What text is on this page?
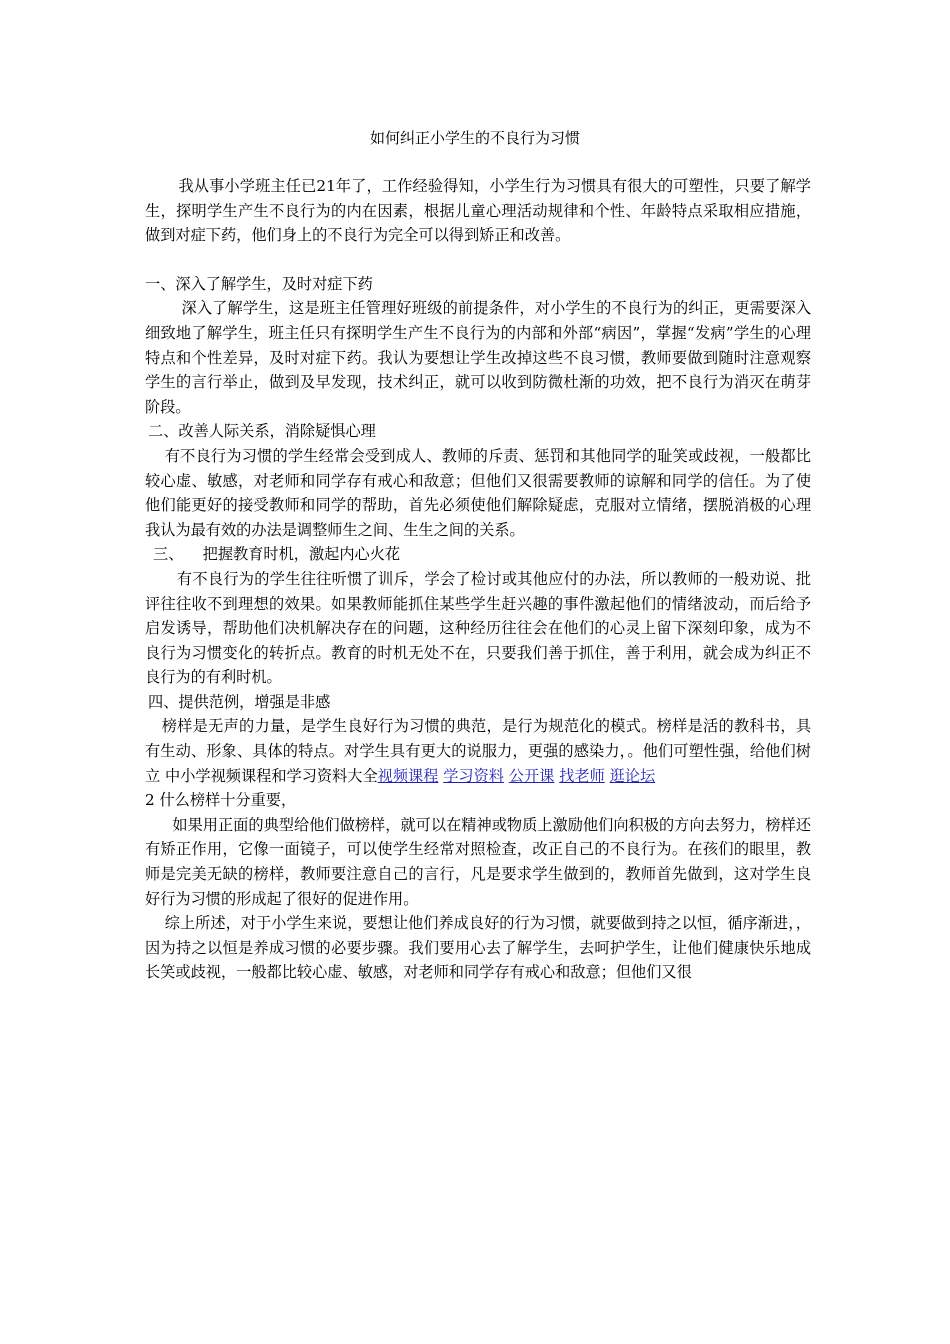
如何纠正小学生的不良行为习惯

我从事小学班主任已21年了，工作经验得知，小学生行为习惯具有很大的可塑性，只要了解学生，探明学生产生不良行为的内在因素，根据儿童心理活动规律和个性、年龄特点采取相应措施，做到对症下药，他们身上的不良行为完全可以得到矫正和改善。

一、深入了解学生，及时对症下药

深入了解学生，这是班主任管理好班级的前提条件，对小学生的不良行为的纠正，更需要深入细致地了解学生，班主任只有探明学生产生不良行为的内部和外部“病因”，掌握“发病”学生的心理特点和个性差异，及时对症下药。我认为要想让学生改掉这些不良习惯，教师要做到随时注意观察学生的言行举止，做到及早发现，技术纠正，就可以收到防微杜渐的功效，把不良行为消灭在萌芽阶段。

二、改善人际关系，消除疑惧心理

有不良行为习惯的学生经常会受到成人、教师的斥责、惩罚和其他同学的耻笑或歧视，一般都比较心虚、敏感，对老师和同学存有戒心和敌意；但他们又很需要教师的谅解和同学的信任。为了使他们能更好的接受教师和同学的帮助，首先必须使他们解除疑虑，克服对立情绪，摆脱消极的心理我认为最有效的办法是调整师生之间、生生之间的关系。

三、    把握教育时机，激起内心火花

有不良行为的学生往往听惯了训斥，学会了检讨或其他应付的办法，所以教师的一般劝说、批评往往收不到理想的效果。如果教师能抓住某些学生赶兴趣的事件激起他们的情绪波动，而后给予启发诱导，帮助他们决机解决存在的问题，这种经历往往会在他们的心灵上留下深刻印象，成为不良行为习惯变化的转折点。教育的时机无处不在，只要我们善于抓住，善于利用，就会成为纠正不良行为的有利时机。

四、提供范例，增强是非感

榜样是无声的力量，是学生良好行为习惯的典范，是行为规范化的模式。榜样是活的教科书，具有生动、形象、具体的特点。对学生具有更大的说服力，更强的感染力，。他们可塑性强，给他们树立 中小学视频课程和学习资料大全视频课程 学习资料 公开课 找老师 逛论坛

2 什么榜样十分重要，

如果用正面的典型给他们做榜样，就可以在精神或物质上激励他们向积极的方向去努力，榜样还有矫正作用，它像一面镜子，可以使学生经常对照检查，改正自己的不良行为。在孩们的眼里，教师是完美无缺的榜样，教师要注意自己的言行，凡是要求学生做到的，教师首先做到，这对学生良好行为习惯的形成起了很好的促进作用。

综上所述，对于小学生来说，要想让他们养成良好的行为习惯，就要做到持之以恒，循序渐进，，因为持之以恒是养成习惯的必要步骤。我们要用心去了解学生，去呵护学生，让他们健康快乐地成长笑或歧视，一般都比较心虚、敏感，对老师和同学存有戒心和敌意；但他们又很
